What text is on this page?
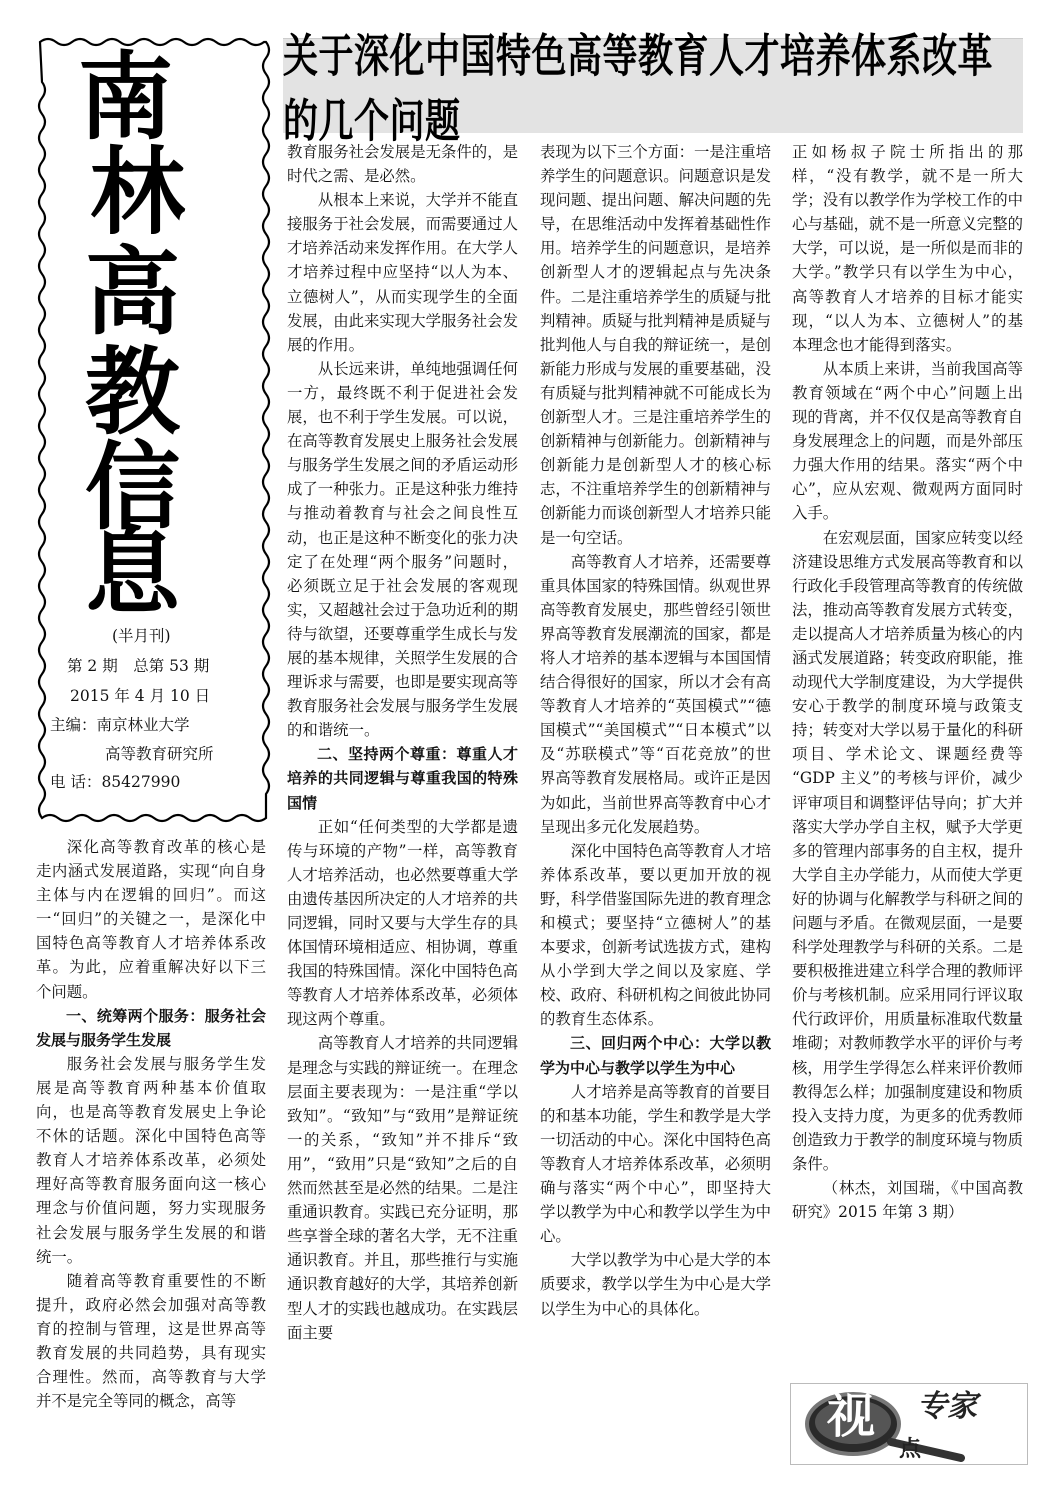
南
林
高
教
信
息
(半月刊)
第 2 期　总第 53 期
2015 年 4 月 10 日
主编：南京林业大学
高等教育研究所
电 话：85427990
关于深化中国特色高等教育人才培养体系改革的几个问题

深化高等教育改革的核心是走内涵式发展道路，实现“向自身主体与内在逻辑的回归”。而这一“回归”的关键之一，是深化中国特色高等教育人才培养体系改革。为此，应着重解决好以下三个问题。

一、统筹两个服务：服务社会发展与服务学生发展

服务社会发展与服务学生发展是高等教育两种基本价值取向，也是高等教育发展史上争论不休的话题。深化中国特色高等教育人才培养体系改革，必须处理好高等教育服务面向这一核心理念与价值问题，努力实现服务社会发展与服务学生发展的和谐统一。

随着高等教育重要性的不断提升，政府必然会加强对高等教育的控制与管理，这是世界高等教育发展的共同趋势，具有现实合理性。然而，高等教育与大学并不是完全等同的概念，高等

教育服务社会发展是无条件的，是时代之需、是必然。

从根本上来说，大学并不能直接服务于社会发展，而需要通过人才培养活动来发挥作用。在大学人才培养过程中应坚持“以人为本、立德树人”，从而实现学生的全面发展，由此来实现大学服务社会发展的作用。

从长远来讲，单纯地强调任何一方，最终既不利于促进社会发展，也不利于学生发展。可以说，在高等教育发展史上服务社会发展与服务学生发展之间的矛盾运动形成了一种张力。正是这种张力维持与推动着教育与社会之间良性互动，也正是这种不断变化的张力决定了在处理“两个服务”问题时，必须既立足于社会发展的客观现实，又超越社会过于急功近利的期待与欲望，还要尊重学生成长与发展的基本规律，关照学生发展的合理诉求与需要，也即是要实现高等教育服务社会发展与服务学生发展的和谐统一。

二、坚持两个尊重：尊重人才培养的共同逻辑与尊重我国的特殊国情

正如“任何类型的大学都是遗传与环境的产物”一样，高等教育人才培养活动，也必然要尊重大学由遗传基因所决定的人才培养的共同逻辑，同时又要与大学生存的具体国情环境相适应、相协调，尊重我国的特殊国情。深化中国特色高等教育人才培养体系改革，必须体现这两个尊重。

高等教育人才培养的共同逻辑是理念与实践的辩证统一。在理念层面主要表现为：一是注重“学以致知”。“致知”与“致用”是辩证统一的关系，“致知”并不排斥“致用”，“致用”只是“致知”之后的自然而然甚至是必然的结果。二是注重通识教育。实践已充分证明，那些享誉全球的著名大学，无不注重通识教育。并且，那些推行与实施通识教育越好的大学，其培养创新型人才的实践也越成功。在实践层面主要

表现为以下三个方面：一是注重培养学生的问题意识。问题意识是发现问题、提出问题、解决问题的先导，在思维活动中发挥着基础性作用。培养学生的问题意识，是培养创新型人才的逻辑起点与先决条件。二是注重培养学生的质疑与批判精神。质疑与批判精神是质疑与批判他人与自我的辩证统一，是创新能力形成与发展的重要基础，没有质疑与批判精神就不可能成长为创新型人才。三是注重培养学生的创新精神与创新能力。创新精神与创新能力是创新型人才的核心标志，不注重培养学生的创新精神与创新能力而谈创新型人才培养只能是一句空话。

高等教育人才培养，还需要尊重具体国家的特殊国情。纵观世界高等教育发展史，那些曾经引领世界高等教育发展潮流的国家，都是将人才培养的基本逻辑与本国国情结合得很好的国家，所以才会有高等教育人才培养的“英国模式”“德国模式”“美国模式”“日本模式”以及“苏联模式”等“百花竞放”的世界高等教育发展格局。或许正是因为如此，当前世界高等教育中心才呈现出多元化发展趋势。

深化中国特色高等教育人才培养体系改革，要以更加开放的视野，科学借鉴国际先进的教育理念和模式；要坚持“立德树人”的基本要求，创新考试选拔方式，建构从小学到大学之间以及家庭、学校、政府、科研机构之间彼此协同的教育生态体系。

三、回归两个中心：大学以教学为中心与教学以学生为中心

人才培养是高等教育的首要目的和基本功能，学生和教学是大学一切活动的中心。深化中国特色高等教育人才培养体系改革，必须明确与落实“两个中心”，即坚持大学以教学为中心和教学以学生为中心。

大学以教学为中心是大学的本质要求，教学以学生为中心是大学以学生为中心的具体化。

正如杨叔子院士所指出的那样，“没有教学，就不是一所大学；没有以教学作为学校工作的中心与基础，就不是一所意义完整的大学，可以说，是一所似是而非的大学。”教学只有以学生为中心，高等教育人才培养的目标才能实现，“以人为本、立德树人”的基本理念也才能得到落实。

从本质上来讲，当前我国高等教育领域在“两个中心”问题上出现的背离，并不仅仅是高等教育自身发展理念上的问题，而是外部压力强大作用的结果。落实“两个中心”，应从宏观、微观两方面同时入手。

在宏观层面，国家应转变以经济建设思维方式发展高等教育和以行政化手段管理高等教育的传统做法，推动高等教育发展方式转变，走以提高人才培养质量为核心的内涵式发展道路；转变政府职能，推动现代大学制度建设，为大学提供安心于教学的制度环境与政策支持；转变对大学以易于量化的科研项目、学术论文、课题经费等 “GDP 主义”的考核与评价，减少评审项目和调整评估导向；扩大并落实大学办学自主权，赋予大学更多的管理内部事务的自主权，提升大学自主办学能力，从而使大学更好的协调与化解教学与科研之间的问题与矛盾。在微观层面，一是要科学处理教学与科研的关系。二是要积极推进建立科学合理的教师评价与考核机制。应采用同行评议取代行政评价，用质量标准取代数量堆砌；对教师教学水平的评价与考核，用学生学得怎么样来评价教师教得怎么样；加强制度建设和物质投入支持力度，为更多的优秀教师创造致力于教学的制度环境与物质条件。

（林杰，刘国瑞，《中国高教研究》2015 年第 3 期）

视 专家
点
